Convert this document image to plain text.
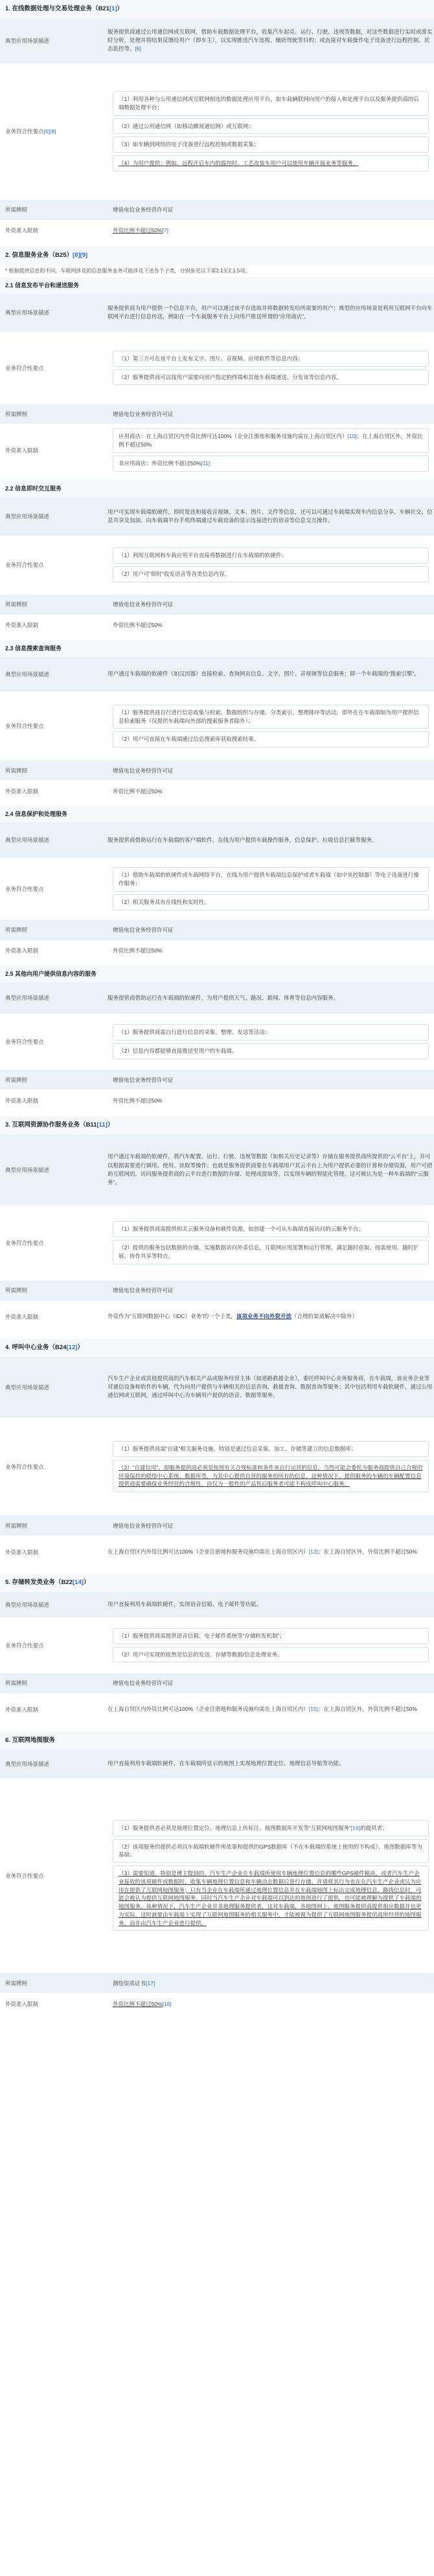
1. 在线数据处理与交易处理业务（B21[1]）
典型应用场景描述	服务提供商通过公用通信网或互联网，借助车载数据处理平台，收集汽车起亮、运行、行驶、违规等数据，对这些数据进行实时或准实时分析，处理并将结果反馈给用户（即车主），以实现推送汽车违规、辅助驾驶等目的；或直接对车载操作电子设备进行远程控制、状态监控等。[6]
业务符合性要点[6][8]	（1）利用各种与公用通信网或互联网相连的数据处理应用平台，如车载辆联网向用户的接入和处理平台以及服务提供商的后端数据处理平台；
（2）通过公用通信网（如移动蜂窝通信网）或互联网；
（3）如车辆到网络的电子设备进行远程控制或数据采集；
（4）为用户提供：例如，远程开启车内的温控时，工艺改装车用户可以使用车辆开展业务等服务。

所需牌照	增值电信业务经营许可证
外资准入限制	外资比例不超过50%[7]
2. 信息服务业务（B25）[8][9]
* 根据提供信息的不同，车联网涉及的信息服务业务可能涉及下述各个子类，分别参见以下第2.1至2.1.5项。
2.1 信息发布平台和递送服务
典型应用场景描述	服务提供商为用户提供一个信息平台，用户可以通过该平台选取并将数据转发给所需要的用户；典型的应用场景是利用互联网平台向车联网平台进行信息传送，例如在一个车载服务平台上向用户推送所谓的“应用商店”。
业务符合性要点	（1）第三方可在该平台上发布文字、图片、音视频、应用软件等信息内容；
（2）服务提供商可以按用户需要向用户指定的终端和其他车载端递送、分发该等信息内容。

所需牌照	增值电信业务经营许可证
外资准入限制	应用商店：在上海自贸区内外资比例可达100%（企业注册地和服务设施均需在上海自贸区内）[10]；在上海自贸区外，外资比例不超过50%
非应用商店：外资比例不超过50%[11]
2.2 信息即时交互服务
典型应用场景描述	用户可实现车载端软硬件，即时发送和接收音视频、文本、图片、文件等信息，还可以可通过车载端实现车内信息分享、车辆社交、信息共享及加油、向车载端平台手机终端通过车载设备的显示连接进行的语音等信息交互操作。
业务符合性要点	（1）利用互联网和车载应用平台直接将数据进行在车载端的软硬件；
（2）用户可“即时”收发语音等各类信息内容。

所需牌照	增值电信业务经营许可证
外资准入限制	外资比例不超过50%
2.3 信息搜索查询服务
典型应用场景描述	用户通过车载端的软硬件（如汉因器）直接检索、查询网页信息、文字、图片、音视频等信息服务；即一个车载端的“搜索引擎”。
业务符合性要点	（1）服务提供商自行进行信息收集与检索、数据组织与存储、分类索引、整理排序等活动，即外在在车载端如为用户提供信息检索服务（仅提供车载端向外部的搜索服务者除外）；
（2）用户可直接在车载端通过信息搜索库获取搜索结果。

所需牌照	增值电信业务经营许可证
外资准入限制	外资比例不超过50%
2.4 信息保护和处理服务
典型应用场景描述	服务提供商借助运行在车载端的客户端软件，在线为用户提供车载操作服务，信息保护、垃圾信息拦截等服务。
业务符合性要点	（1）借助车载端的软硬件或车载网络平台，在线为用户提供车载端信息保护或者车载端（如中央控制器）等电子设备进行操作服务；
（2）相关服务具有在线性和实时性。

所需牌照	增值电信业务经营许可证
外资准入限制	外资比例不超过50%
2.5 其他向用户提供信息内容的服务
典型应用场景描述	服务提供商借助运行在车载端的软硬件，为用户提供天气、路况、新闻、体育等信息内容服务。
业务符合性要点	（1）服务提供商需自行进行信息的采集、整理、发送等活动；
（2）信息内容都能够直接推送至用户的车载端。

所需牌照	增值电信业务经营许可证
外资准入限制	外资比例不超过50%
3. 互联网资源协作服务业务（B11[11]）
典型应用场景描述	用户通过车载端的软硬件，将汽车配置、运行、行驶、违规等数据（如相关历史记录等）存储在服务提供商所提供的“云平台”上，并可以根据需要进行调用、使用、读取等操作；也就是服务提供商要在车载端用户其云平台上为用户提供必要的计算和存储资源，用户可借助互联网的，访问服务提供商的云平台进行数据的存储、处理或提取等，以实现车辆的智能化管理。这可被认为是一种车载端的“云服务”。
业务符合性要点	（1）服务提供商需提供相关云服务设备和硬件资源，如创建一个可从车载端直接访问的云服务平台；
（2）提供的服务包括数据的存储、实施数据访问外采信息，互联网应用部署和运行管理、满足随时获取、按需使用、随时扩展、协作共享等特点。

所需牌照	增值电信业务经营许可证
外资准入限制	外资作为“互联网数据中心（IDC）业务”的一个子类，该项业务不向外资开放（合理的渠道解决中除外）
4. 呼叫中心业务（B24[12]）
典型应用场景描述	汽车生产企业或其他提供商的汽车相关产品或服务经营主体（如道路救援企业），委托呼叫中心业务服务商，在车载端，该业务企业等对通信设备和软件的车辆，代为向用户提供与车辆相关的信息咨询、救援查询、数据查询等服务；其中包括利用车载软硬件，通过公用通信网或互联网，通过呼叫中心为车辆用户提供的语音、数据等服务。
业务符合性要点	（1）服务提供商需“自建”相关服务设施，特别是通过信息采集、加工、存储等建立的信息数据库；
（2）“自建信用”，即服务提供商必须是按照有关合规标准和条件来自行运营的信息，当然可能会委托为服务商提供自己合规的环境保持的联络中心系统、数据库等，为其中心提供自营的服务的所有的信息，这种情况下，提供服务的车辆的车辆配置信息提供商需要确保业务经营的合规性，而仅为一般性的产品售后服务者可能不构成呼叫中心服务。

所需牌照	增值电信业务经营许可证
外资准入限制	在上海自贸区内外资比例可达100%（企业注册地和服务设施均需在上海自贸区内）[13]；在上海自贸区外，外资比例不超过50%
5. 存储转发类业务（B22[14]）
典型应用场景描述	用户直接利用车载端软硬件，实现语音信箱、电子邮件等功能。
业务符合性要点	（1）服务提供商需提供语音信箱、电子邮件系统等“存储转发机制”；
（2）用户可实现的依然是信息的发送、存储等数据/信息处理业务。

所需牌照	增值电信业务经营许可证
外资准入限制	在上海自贸区内外资比例可达100%（企业注册地和服务设施均需在上海自贸区内）[15]；在上海自贸区外，外资比例不超过50%
6. 互联网地图服务
典型应用场景描述	用户直接利用车载端软硬件，在车载端所显示的地图上实现地理位置定位、地理信息导航等功能。
业务符合性要点	（1）服务提供者必须是地理位置定位、地理信息上传标注、地图数据库开发等“互联网地图服务”[16]的提供者；
（2）该项服务的提供必须以车载端软硬件所依靠和提供的GPS数据库（不在车载端的系统上使用的不构成）、地图数据库等为基础；
（3）需要知道，特别是博主提到的，汽车生产企业在车载端所使用车辆地理位置信息的哪些GPS硬件模块，或者汽车生产企业接收的该项硬件或数据时，收集车辆地理位置信息和车辆动态数据后进行存储、并请将其行为也在在汽车生产企业或认为应用在提供了互联网地图服务；只有当企业在车载端所通过地理位置信息并在车载端地图上标出完成地理信息、路线信息时，可能会被认为提供互联网地图服务。同时当汽车生产企业对车载端可以到达的地图进行了提供，也可能被理解为提供了车载端的地图服务。该种情况下，汽车生产企业并非地理服务提供者，这对车载端，各地图网上，地图服务提供商提供相应数据并也更为实际，这时就要由车载端上实现了互联网地图服务的相关服务中，才能被视为提供了互联网地图服务提供商所经营的地图服务，而非由汽车生产企业进行提供。

所需牌照	测绘资质证书[17]
外资准入限制	外资比例不超过50%[18]
